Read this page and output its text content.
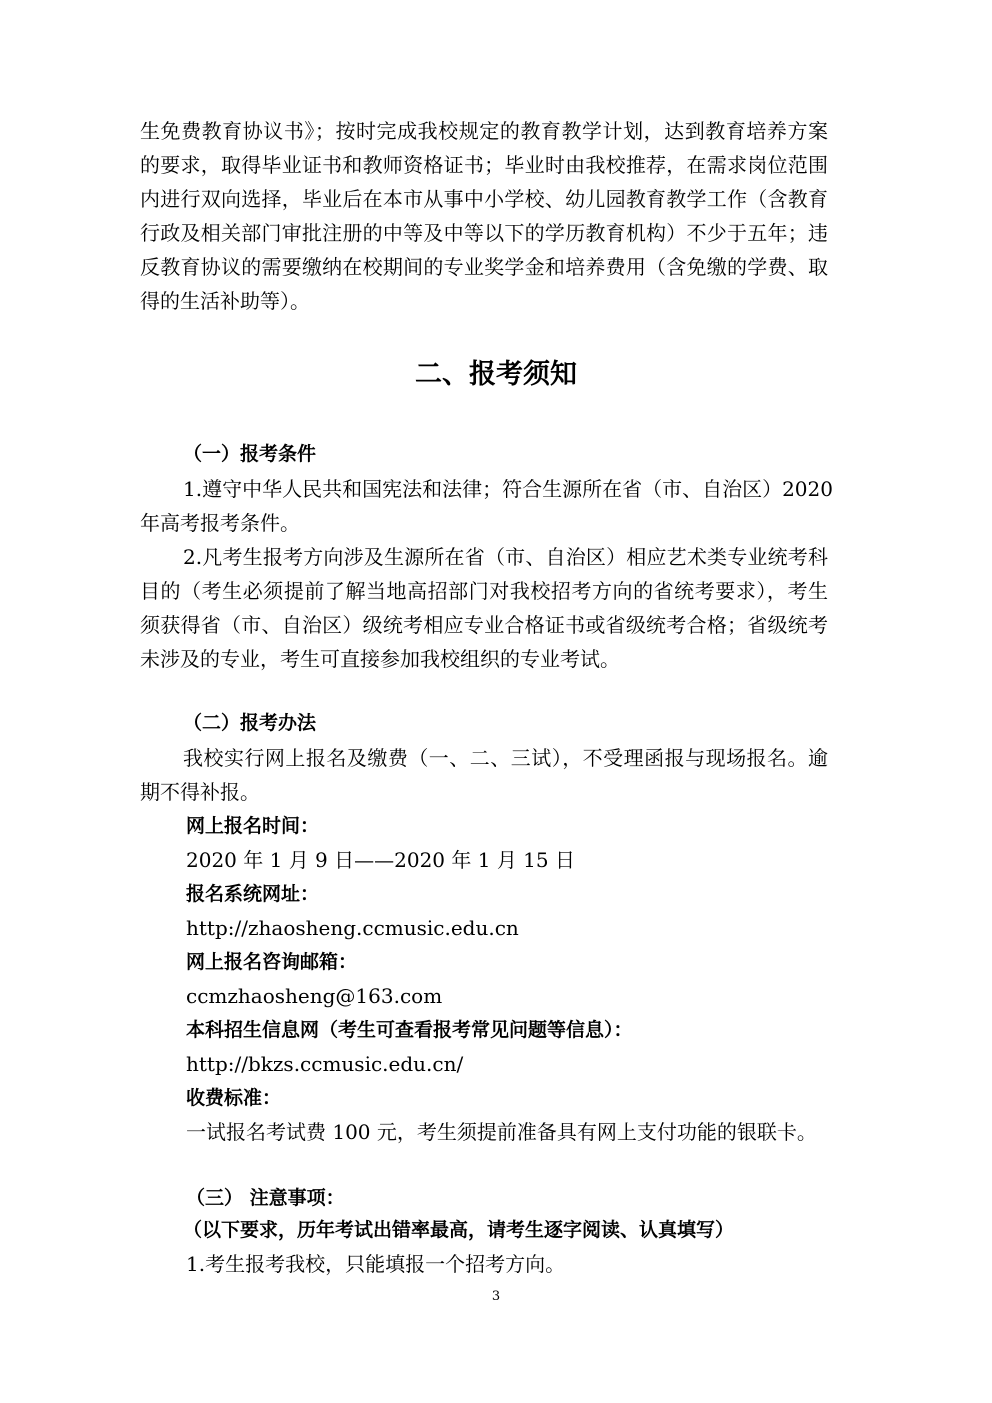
生免费教育协议书》；按时完成我校规定的教育教学计划，达到教育培养方案
的要求，取得毕业证书和教师资格证书；毕业时由我校推荐，在需求岗位范围
内进行双向选择，毕业后在本市从事中小学校、幼儿园教育教学工作（含教育
行政及相关部门审批注册的中等及中等以下的学历教育机构）不少于五年；违
反教育协议的需要缴纳在校期间的专业奖学金和培养费用（含免缴的学费、取
得的生活补助等）。
二、报考须知
（一）报考条件
1.遵守中华人民共和国宪法和法律；符合生源所在省（市、自治区）2020
年高考报考条件。
2.凡考生报考方向涉及生源所在省（市、自治区）相应艺术类专业统考科
目的（考生必须提前了解当地高招部门对我校招考方向的省统考要求），考生
须获得省（市、自治区）级统考相应专业合格证书或省级统考合格；省级统考
未涉及的专业，考生可直接参加我校组织的专业考试。
（二）报考办法
我校实行网上报名及缴费（一、二、三试），不受理函报与现场报名。逾
期不得补报。
网上报名时间：
2020 年 1 月 9 日——2020 年 1 月 15 日
报名系统网址：
http://zhaosheng.ccmusic.edu.cn
网上报名咨询邮箱：
ccmzhaosheng@163.com
本科招生信息网（考生可查看报考常见问题等信息）：
http://bkzs.ccmusic.edu.cn/
收费标准：
一试报名考试费 100 元，考生须提前准备具有网上支付功能的银联卡。
（三） 注意事项：
（以下要求，历年考试出错率最高，请考生逐字阅读、认真填写）
1.考生报考我校，只能填报一个招考方向。
3
